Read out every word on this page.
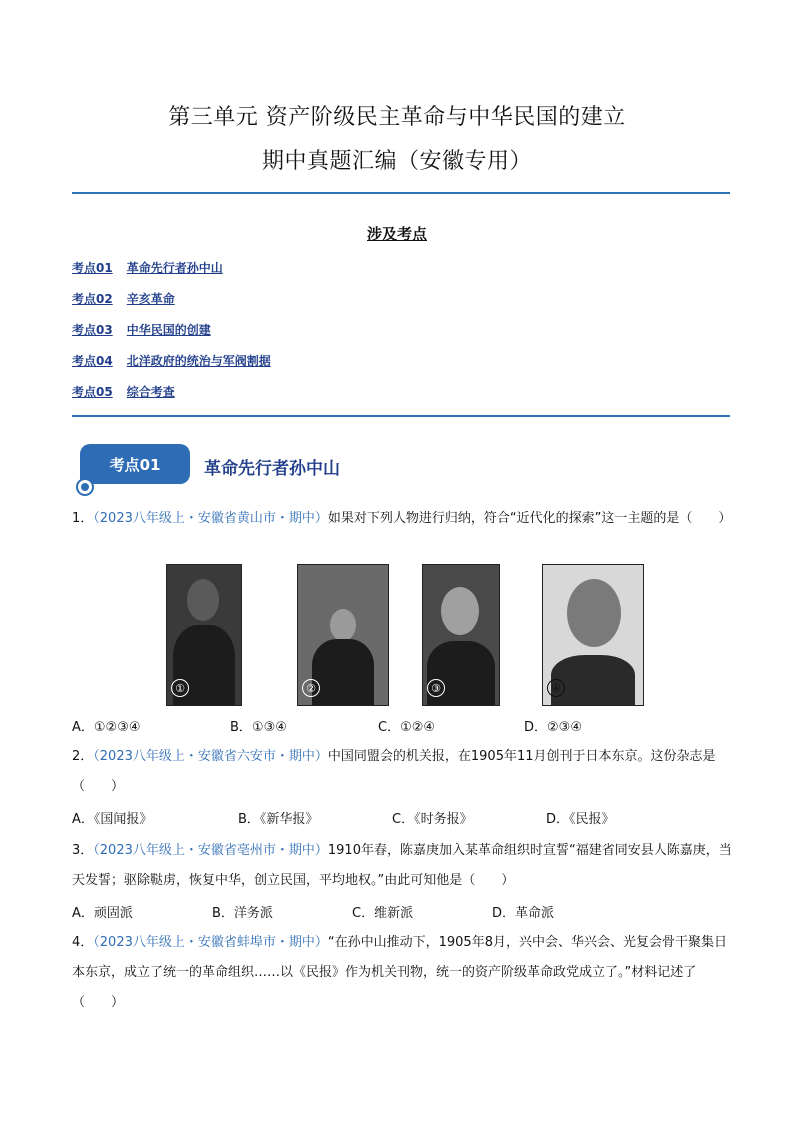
第三单元 资产阶级民主革命与中华民国的建立
期中真题汇编（安徽专用）
涉及考点
考点01 革命先行者孙中山
考点02 辛亥革命
考点03 中华民国的创建
考点04 北洋政府的统治与军阀割据
考点05 综合考查
考点01	革命先行者孙中山
1．（2023八年级上・安徽省黄山市・期中）如果对下列人物进行归纳，符合“近代化的探索”这一主题的是（　　）
①	②	③	④
A．①②③④	B．①③④	C．①②④	D．②③④
2．（2023八年级上・安徽省六安市・期中）中国同盟会的机关报，在1905年11月创刊于日本东京。这份杂志是（　　）
A．《国闻报》	B．《新华报》	C．《时务报》	D．《民报》
3．（2023八年级上・安徽省亳州市・期中）1910年春，陈嘉庚加入某革命组织时宣誓“福建省同安县人陈嘉庚，当天发誓；驱除鞑虏，恢复中华，创立民国，平均地权。”由此可知他是（　　）
A．顽固派	B．洋务派	C．维新派	D．革命派
4．（2023八年级上・安徽省蚌埠市・期中）“在孙中山推动下，1905年8月，兴中会、华兴会、光复会骨干聚集日本东京，成立了统一的革命组织……以《民报》作为机关刊物，统一的资产阶级革命政党成立了。”材料记述了（　　）
